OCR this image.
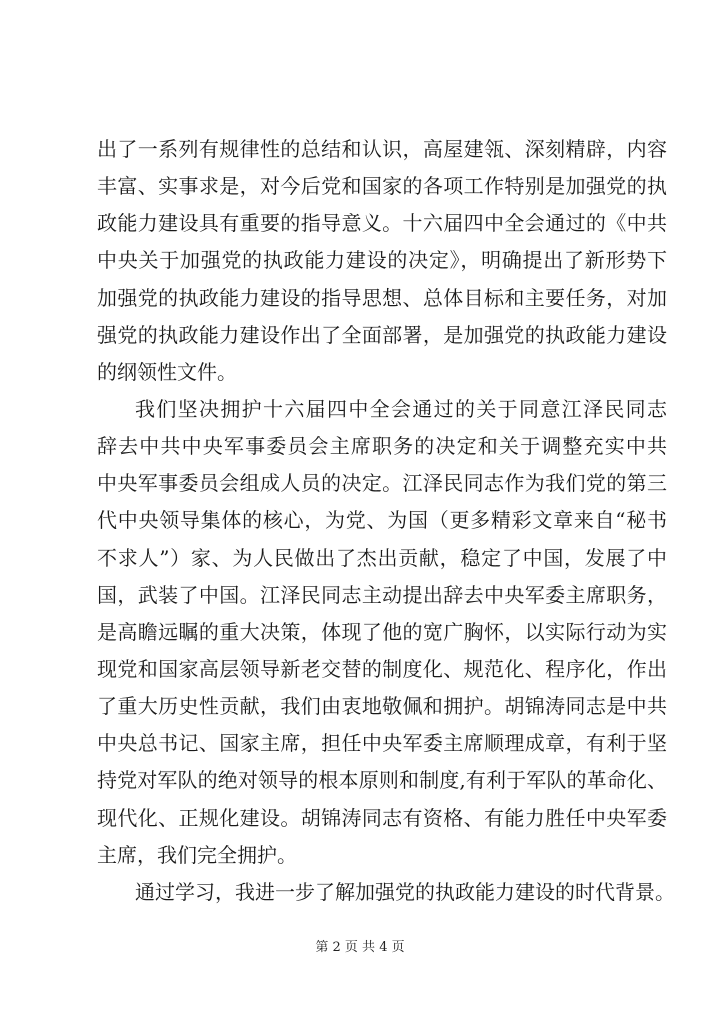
出了一系列有规律性的总结和认识，高屋建瓴、深刻精辟，内容
丰富、实事求是，对今后党和国家的各项工作特别是加强党的执
政能力建设具有重要的指导意义。十六届四中全会通过的《中共
中央关于加强党的执政能力建设的决定》，明确提出了新形势下
加强党的执政能力建设的指导思想、总体目标和主要任务，对加
强党的执政能力建设作出了全面部署，是加强党的执政能力建设
的纲领性文件。
我们坚决拥护十六届四中全会通过的关于同意江泽民同志
辞去中共中央军事委员会主席职务的决定和关于调整充实中共
中央军事委员会组成人员的决定。江泽民同志作为我们党的第三
代中央领导集体的核心，为党、为国（更多精彩文章来自“秘书
不求人”）家、为人民做出了杰出贡献，稳定了中国，发展了中
国，武装了中国。江泽民同志主动提出辞去中央军委主席职务，
是高瞻远瞩的重大决策，体现了他的宽广胸怀，以实际行动为实
现党和国家高层领导新老交替的制度化、规范化、程序化，作出
了重大历史性贡献，我们由衷地敬佩和拥护。胡锦涛同志是中共
中央总书记、国家主席，担任中央军委主席顺理成章，有利于坚
持党对军队的绝对领导的根本原则和制度,有利于军队的革命化、
现代化、正规化建设。胡锦涛同志有资格、有能力胜任中央军委
主席，我们完全拥护。
通过学习，我进一步了解加强党的执政能力建设的时代背景。
第 2 页 共 4 页
